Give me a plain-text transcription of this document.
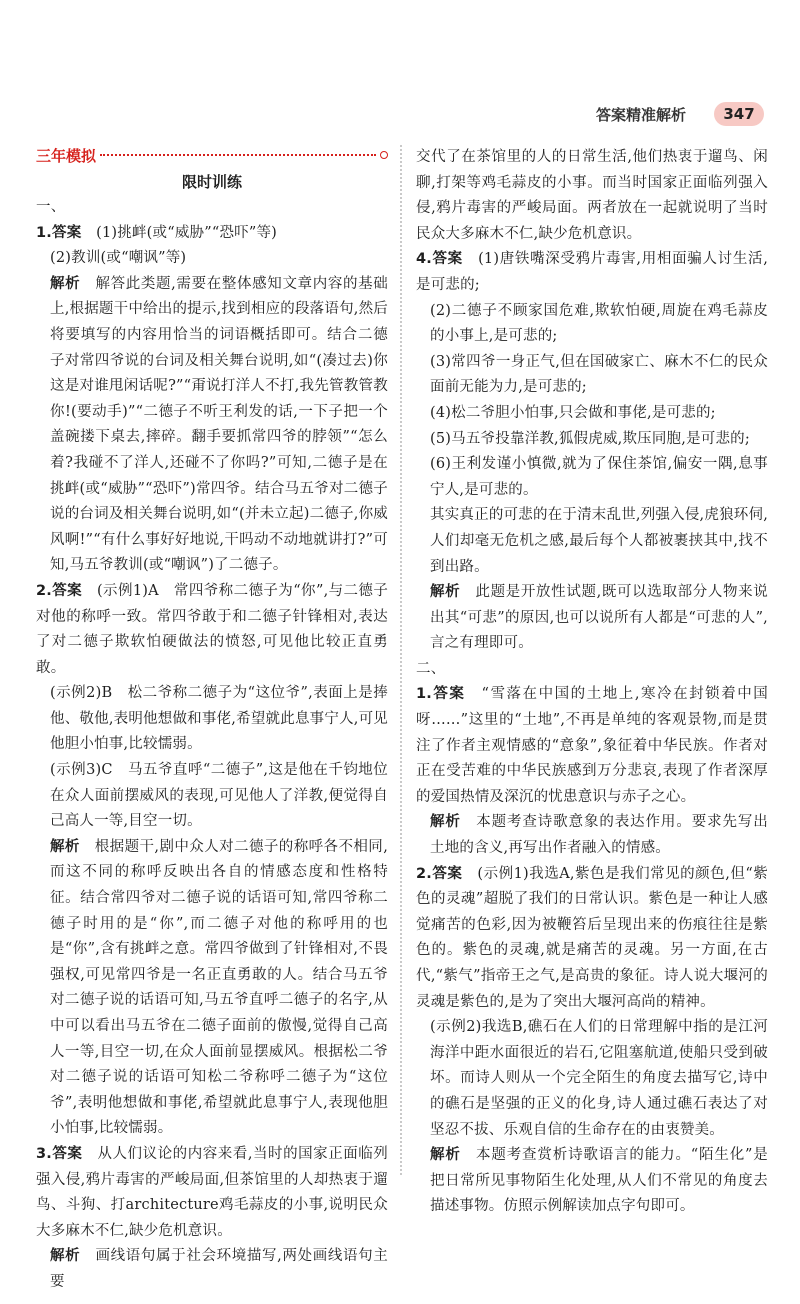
答案精准解析	347
三年模拟
限时训练

一、

1.答案　 (1)挑衅(或“威胁”“恐吓”等)

(2)教训(或“嘲讽”等)

解析　 解答此类题,需要在整体感知文章内容的基础上,根据题干中给出的提示,找到相应的段落语句,然后将要填写的内容用恰当的词语概括即可。结合二德子对常四爷说的台词及相关舞台说明,如“(凑过去)你这是对谁甩闲话呢?”“甭说打洋人不打,我先管教管教你!(要动手)”“二德子不听王利发的话,一下子把一个盖碗搂下桌去,摔碎。翻手要抓常四爷的脖领”“怎么着?我碰不了洋人,还碰不了你吗?”可知,二德子是在挑衅(或“威胁”“恐吓”)常四爷。结合马五爷对二德子说的台词及相关舞台说明,如“(并未立起)二德子,你威风啊!”“有什么事好好地说,干吗动不动地就讲打?”可知,马五爷教训(或“嘲讽”)了二德子。

2.答案　 (示例1)A　常四爷称二德子为“你”,与二德子对他的称呼一致。常四爷敢于和二德子针锋相对,表达了对二德子欺软怕硬做法的愤怒,可见他比较正直勇敢。

(示例2)B　松二爷称二德子为“这位爷”,表面上是捧他、敬他,表明他想做和事佬,希望就此息事宁人,可见他胆小怕事,比较懦弱。

(示例3)C　马五爷直呼“二德子”,这是他在千钧地位在众人面前摆威风的表现,可见他人了洋教,便觉得自己高人一等,目空一切。

解析　 根据题干,剧中众人对二德子的称呼各不相同,而这不同的称呼反映出各自的情感态度和性格特征。结合常四爷对二德子说的话语可知,常四爷称二德子时用的是“你”,而二德子对他的称呼用的也是“你”,含有挑衅之意。常四爷做到了针锋相对,不畏强权,可见常四爷是一名正直勇敢的人。结合马五爷对二德子说的话语可知,马五爷直呼二德子的名字,从中可以看出马五爷在二德子面前的傲慢,觉得自己高人一等,目空一切,在众人面前显摆威风。根据松二爷对二德子说的话语可知松二爷称呼二德子为“这位爷”,表明他想做和事佬,希望就此息事宁人,表现他胆小怕事,比较懦弱。

3.答案　 从人们议论的内容来看,当时的国家正面临列强入侵,鸦片毒害的严峻局面,但茶馆里的人却热衷于遛鸟、斗狗、打architecture鸡毛蒜皮的小事,说明民众大多麻木不仁,缺少危机意识。

解析　 画线语句属于社会环境描写,两处画线语句主要

交代了在茶馆里的人的日常生活,他们热衷于遛鸟、闲聊,打架等鸡毛蒜皮的小事。而当时国家正面临列强入侵,鸦片毒害的严峻局面。两者放在一起就说明了当时民众大多麻木不仁,缺少危机意识。

4.答案　 (1)唐铁嘴深受鸦片毒害,用相面骗人讨生活,是可悲的;

(2)二德子不顾家国危难,欺软怕硬,周旋在鸡毛蒜皮的小事上,是可悲的;

(3)常四爷一身正气,但在国破家亡、麻木不仁的民众面前无能为力,是可悲的;

(4)松二爷胆小怕事,只会做和事佬,是可悲的;

(5)马五爷投靠洋教,狐假虎威,欺压同胞,是可悲的;

(6)王利发谨小慎微,就为了保住茶馆,偏安一隅,息事宁人,是可悲的。

其实真正的可悲的在于清末乱世,列强入侵,虎狼环伺,人们却毫无危机之感,最后每个人都被裹挟其中,找不到出路。

解析　 此题是开放性试题,既可以选取部分人物来说出其“可悲”的原因,也可以说所有人都是“可悲的人”,言之有理即可。

二、

1.答案　 “雪落在中国的土地上,寒冷在封锁着中国呀……”这里的“土地”,不再是单纯的客观景物,而是贯注了作者主观情感的“意象”,象征着中华民族。作者对正在受苦难的中华民族感到万分悲哀,表现了作者深厚的爱国热情及深沉的忧患意识与赤子之心。

解析　 本题考查诗歌意象的表达作用。要求先写出土地的含义,再写出作者融入的情感。

2.答案　 (示例1)我选A,紫色是我们常见的颜色,但“紫色的灵魂”超脱了我们的日常认识。紫色是一种让人感觉痛苦的色彩,因为被鞭笞后呈现出来的伤痕往往是紫色的。紫色的灵魂,就是痛苦的灵魂。另一方面,在古代,“紫气”指帝王之气,是高贵的象征。诗人说大堰河的灵魂是紫色的,是为了突出大堰河高尚的精神。

(示例2)我选B,礁石在人们的日常理解中指的是江河海洋中距水面很近的岩石,它阻塞航道,使船只受到破坏。而诗人则从一个完全陌生的角度去描写它,诗中的礁石是坚强的正义的化身,诗人通过礁石表达了对坚忍不拔、乐观自信的生命存在的由衷赞美。

解析　 本题考查赏析诗歌语言的能力。“陌生化”是把日常所见事物陌生化处理,从人们不常见的角度去描述事物。仿照示例解读加点字句即可。
